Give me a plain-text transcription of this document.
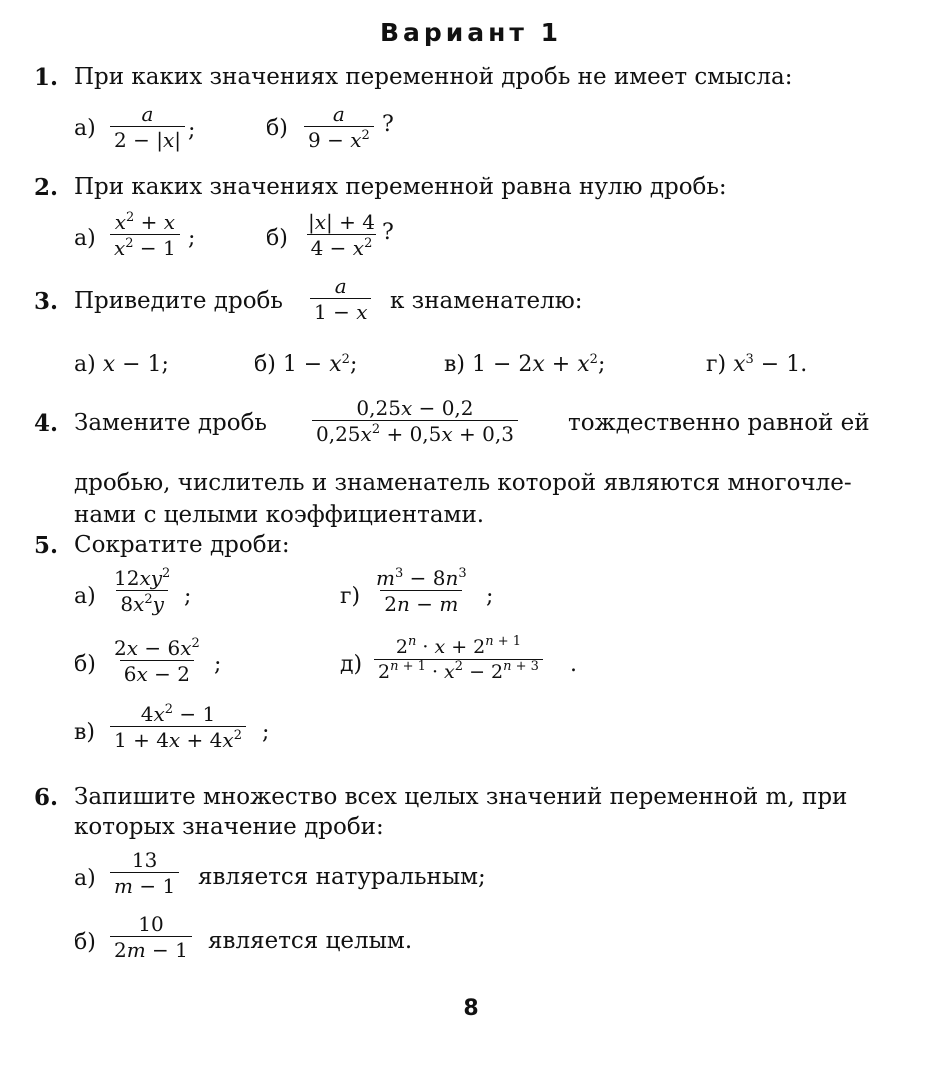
Вариант 1
1. При каких значениях переменной дробь не имеет смысла:
$а) \frac{a}{2 - |x|}$ ;	$б) \frac{a}{9 - x^2}$ ?
2. При каких значениях переменной равна нулю дробь:
$а) \frac{x^2 + x}{x^2 - 1}$ ;	$б) \frac{|x| + 4}{4 - x^2}$ ?
3. Приведите дробь $\frac{a}{1 - x}$ к знаменателю:
а) x − 1;	б) $1 - x^2$;	в) $1 - 2x + x^2$;	г) $x^3 - 1$.
4. Замените дробь $\frac{0,25x - 0,2}{0,25x^2 + 0,5x + 0,3}$ тождественно равной ей
дробью, числитель и знаменатель которой являются многочле-
нами с целыми коэффициентами.
5. Сократите дроби:
$а) \frac{12xy^2}{8x^2y}$ ;	$г) \frac{m^3 - 8n^3}{2n - m}$ ;
$б) \frac{2x - 6x^2}{6x - 2}$ ;	$д) \frac{2^n \cdot x + 2^{n + 1}}{2^{n + 1} \cdot x^2 - 2^{n + 3}}$ .
$в) \frac{4x^2 - 1}{1 + 4x + 4x^2}$ ;
6. Запишите множество всех целых значений переменной m, при
которых значение дроби:
$а) \frac{13}{m - 1}$ является натуральным;
$б) \frac{10}{2m - 1}$ является целым.
8
